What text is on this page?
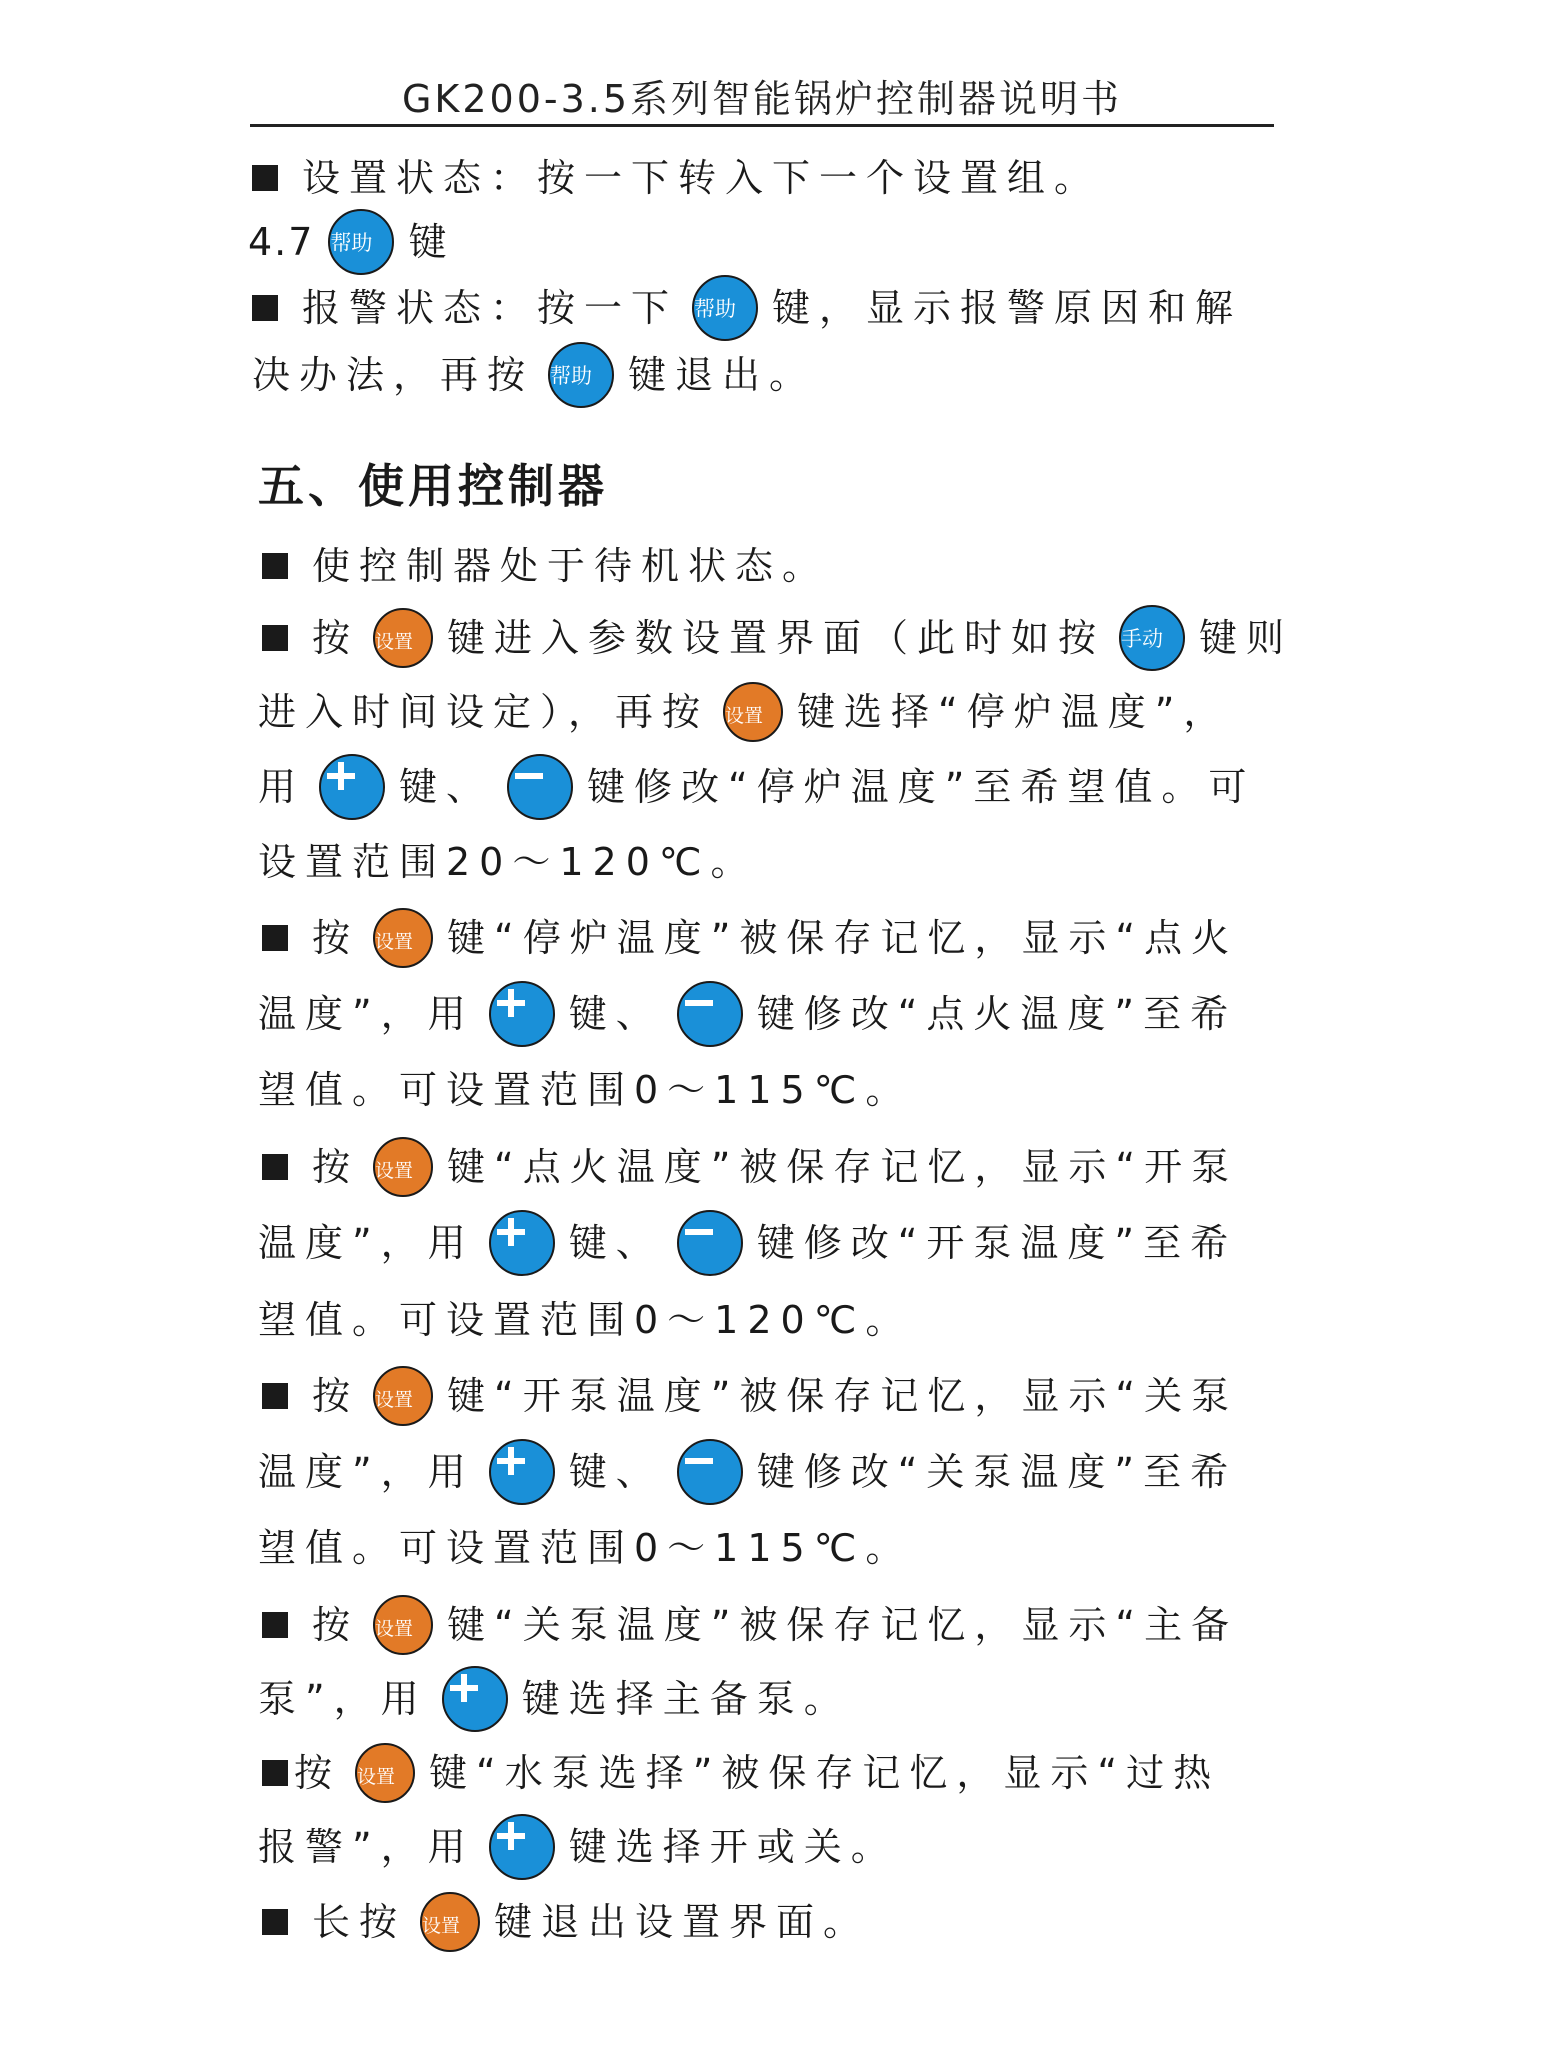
GK200-3.5系列智能锅炉控制器说明书
设置状态：按一下转入下一个设置组。
4.7 帮助 键
报警状态：按一下 帮助 键，显示报警原因和解
决办法，再按 帮助 键退出。
五、使用控制器
使控制器处于待机状态。
按 设置 键进入参数设置界面（此时如按 手动 键则
进入时间设定），再按 设置 键选择“停炉温度”，
用 键、 键修改“停炉温度”至希望值。可
设置范围20～120℃。
按 设置 键“停炉温度”被保存记忆，显示“点火
温度”，用 键、 键修改“点火温度”至希
望值。可设置范围0～115℃。
按 设置 键“点火温度”被保存记忆，显示“开泵
温度”，用 键、 键修改“开泵温度”至希
望值。可设置范围0～120℃。
按 设置 键“开泵温度”被保存记忆，显示“关泵
温度”，用 键、 键修改“关泵温度”至希
望值。可设置范围0～115℃。
按 设置 键“关泵温度”被保存记忆，显示“主备
泵”，用 键选择主备泵。
按 设置 键“水泵选择”被保存记忆，显示“过热
报警”，用 键选择开或关。
长按 设置 键退出设置界面。
